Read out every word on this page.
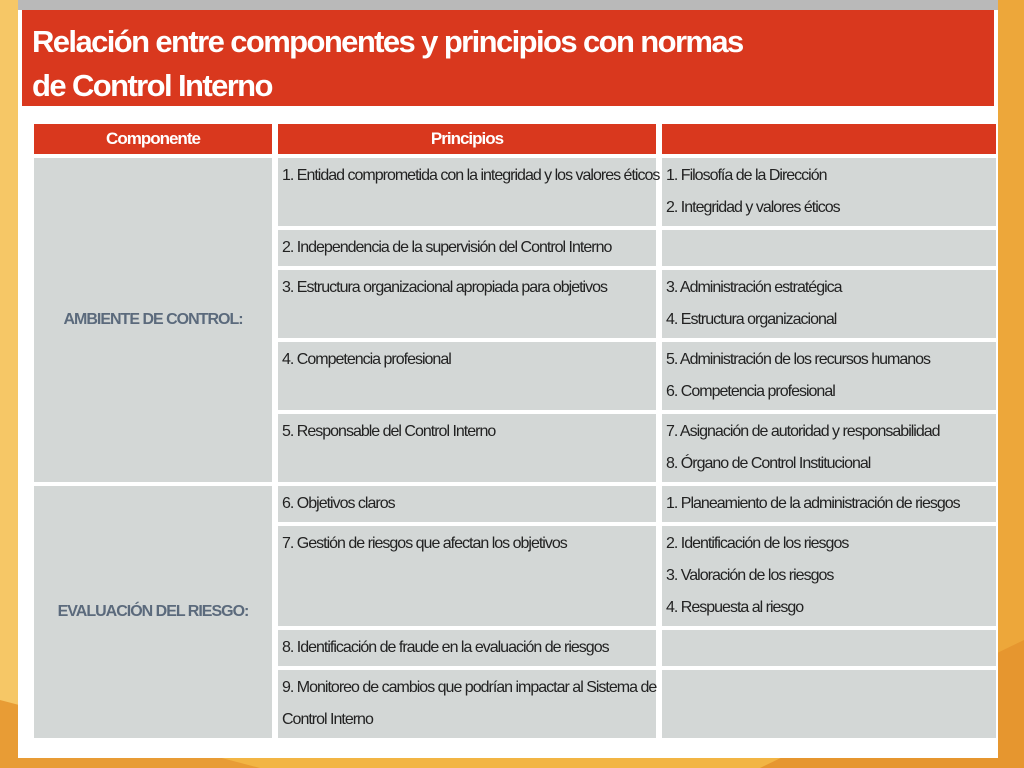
Relación entre componentes y principios con normas
de Control Interno
Componente	Principios	
AMBIENTE DE CONTROL:	1. Entidad comprometida con la integridad y los valores éticos	1. Filosofía de la Dirección
2. Integridad y valores éticos

	2. Independencia de la supervisión del Control Interno	

	3. Estructura organizacional apropiada para objetivos	3. Administración estratégica
4. Estructura organizacional

	4. Competencia profesional	5. Administración de los recursos humanos
6. Competencia profesional

	5. Responsable del Control Interno	7. Asignación de autoridad y responsabilidad
8. Órgano de Control Institucional

EVALUACIÓN DEL RIESGO:	6. Objetivos claros	1. Planeamiento de la administración de riesgos

	7. Gestión de riesgos que afectan los objetivos	2. Identificación de los riesgos
3. Valoración de los riesgos
4. Respuesta al riesgo

	8. Identificación de fraude en la evaluación de riesgos	

	9. Monitoreo de cambios que podrían impactar al Sistema de
Control Interno	
